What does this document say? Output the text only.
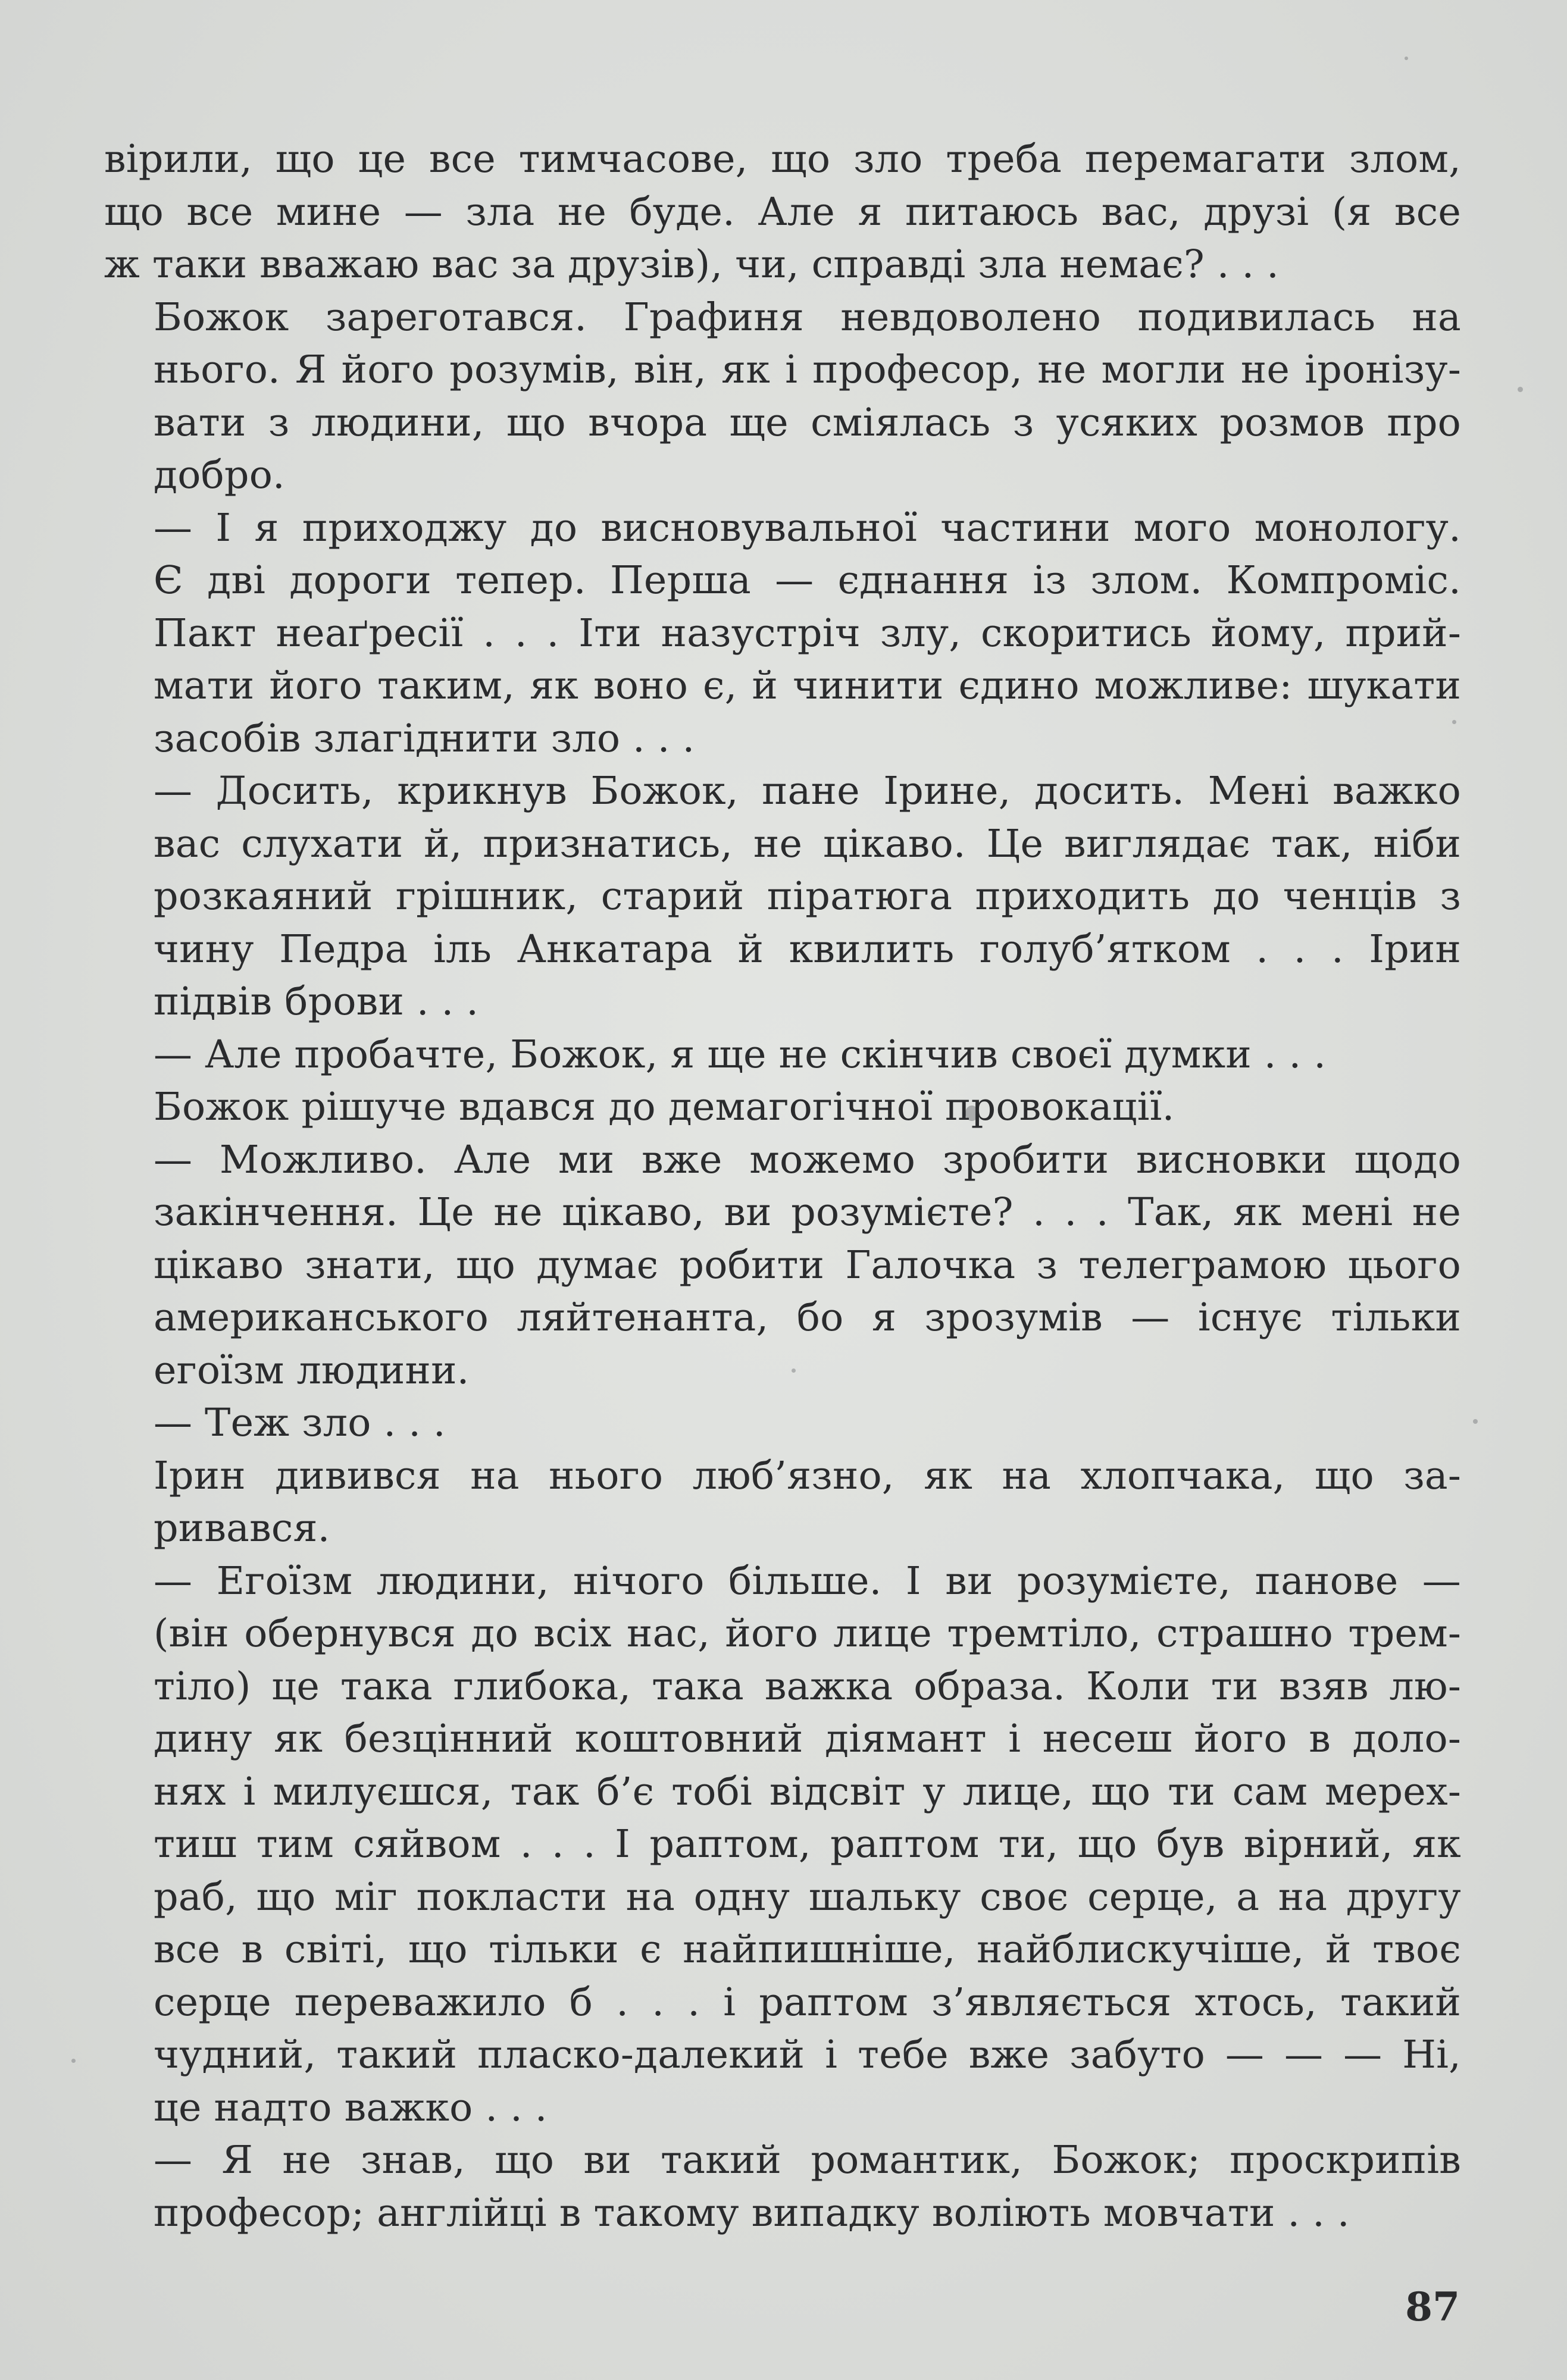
вірили, що це все тимчасове, що зло треба перемагати злом,
що все мине — зла не буде. Але я питаюсь вас, друзі (я все
ж таки вважаю вас за друзів), чи, справді зла немає? . . .

Божок зареготався. Графиня невдоволено подивилась на
нього. Я його розумів, він, як і професор, не могли не іронізу-
вати з людини, що вчора ще сміялась з усяких розмов про
добро.

— І я приходжу до висновувальної частини мого монологу.
Є дві дороги тепер. Перша — єднання із злом. Компроміс.
Пакт неаґресії . . . Іти назустріч злу, скоритись йому, прий-
мати його таким, як воно є, й чинити єдино можливе: шукати
засобів злагіднити зло . . .

— Досить, крикнув Божок, пане Ірине, досить. Мені важко
вас слухати й, признатись, не цікаво. Це виглядає так, ніби
розкаяний грішник, старий піратюга приходить до ченців з
чину Педра іль Анкатара й квилить голуб’ятком . . . Ірин
підвів брови . . .

— Але пробачте, Божок, я ще не скінчив своєї думки . . .

Божок рішуче вдався до демагогічної провокації.

— Можливо. Але ми вже можемо зробити висновки щодо
закінчення. Це не цікаво, ви розумієте? . . . Так, як мені не
цікаво знати, що думає робити Галочка з телеграмою цього
американського ляйтенанта, бо я зрозумів — існує тільки
егоїзм людини.

— Теж зло . . .

Ірин дивився на нього люб’язно, як на хлопчака, що за-
ривався.

— Егоїзм людини, нічого більше. І ви розумієте, панове —
(він обернувся до всіх нас, його лице тремтіло, страшно трем-
тіло) це така глибока, така важка образа. Коли ти взяв лю-
дину як безцінний коштовний діямант і несеш його в доло-
нях і милуєшся, так б’є тобі відсвіт у лице, що ти сам мерех-
тиш тим сяйвом . . . І раптом, раптом ти, що був вірний, як
раб, що міг покласти на одну шальку своє серце, а на другу
все в світі, що тільки є найпишніше, найблискучіше, й твоє
серце переважило б . . . і раптом з’являється хтось, такий
чудний, такий пласко-далекий і тебе вже забуто — — — Ні,
це надто важко . . .

— Я не знав, що ви такий романтик, Божок; проскрипів
професор; англійці в такому випадку воліють мовчати . . .

87
